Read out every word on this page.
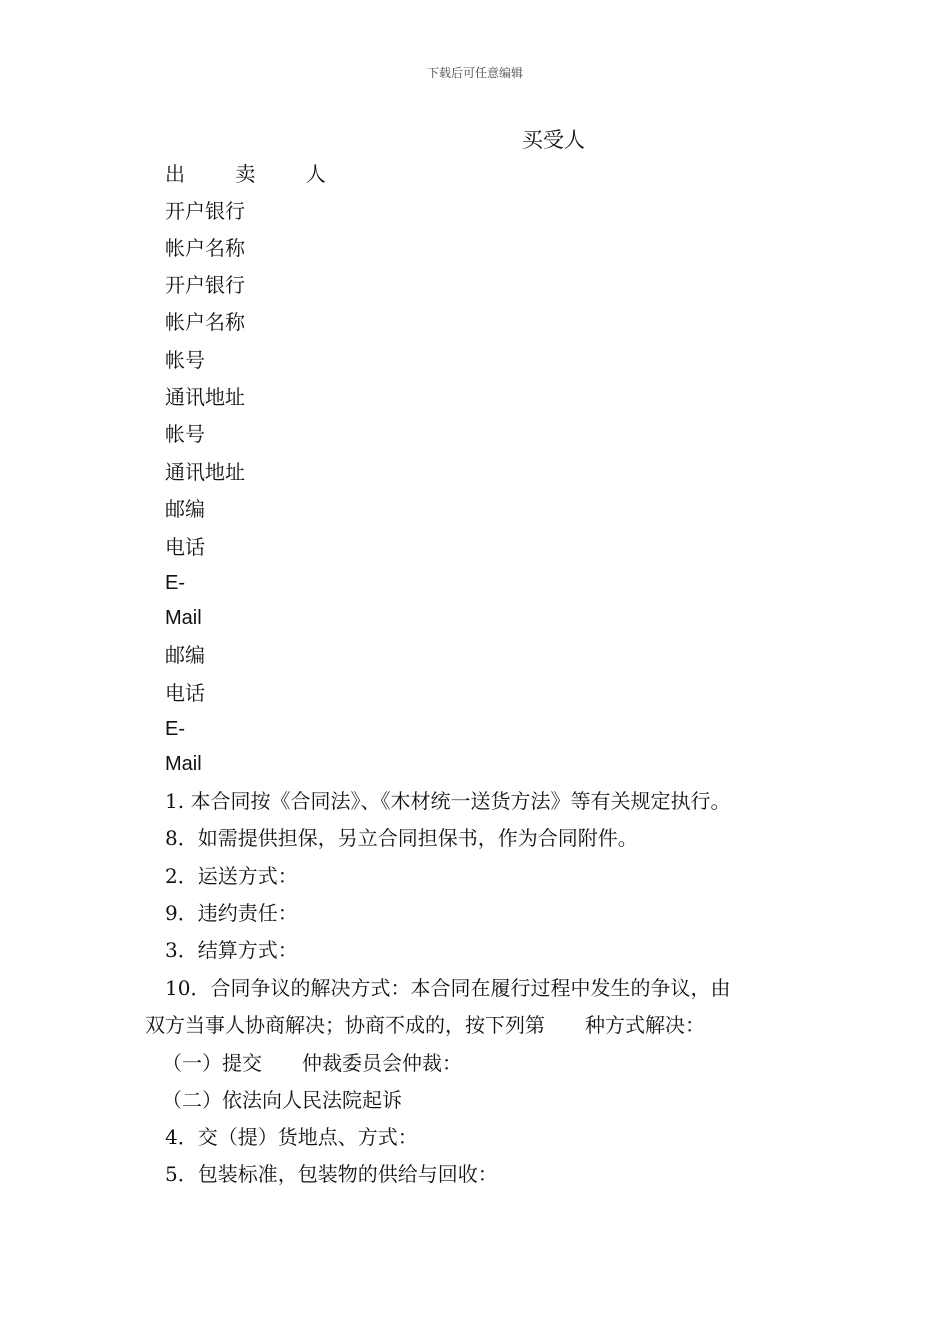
下载后可任意编辑
买受人
出 卖 人
开户银行
帐户名称
开户银行
帐户名称
帐号
通讯地址
帐号
通讯地址
邮编
电话
E-
Mail
邮编
电话
E-
Mail
1. 本合同按《合同法》、《木材统一送货方法》等有关规定执行。
8．如需提供担保，另立合同担保书，作为合同附件。
2．运送方式：
9．违约责任：
3．结算方式：
10．合同争议的解决方式：本合同在履行过程中发生的争议，由
双方当事人协商解决；协商不成的，按下列第　　种方式解决：
（一）提交　　仲裁委员会仲裁：
（二）依法向人民法院起诉
4．交（提）货地点、方式：
5．包装标准，包装物的供给与回收：
